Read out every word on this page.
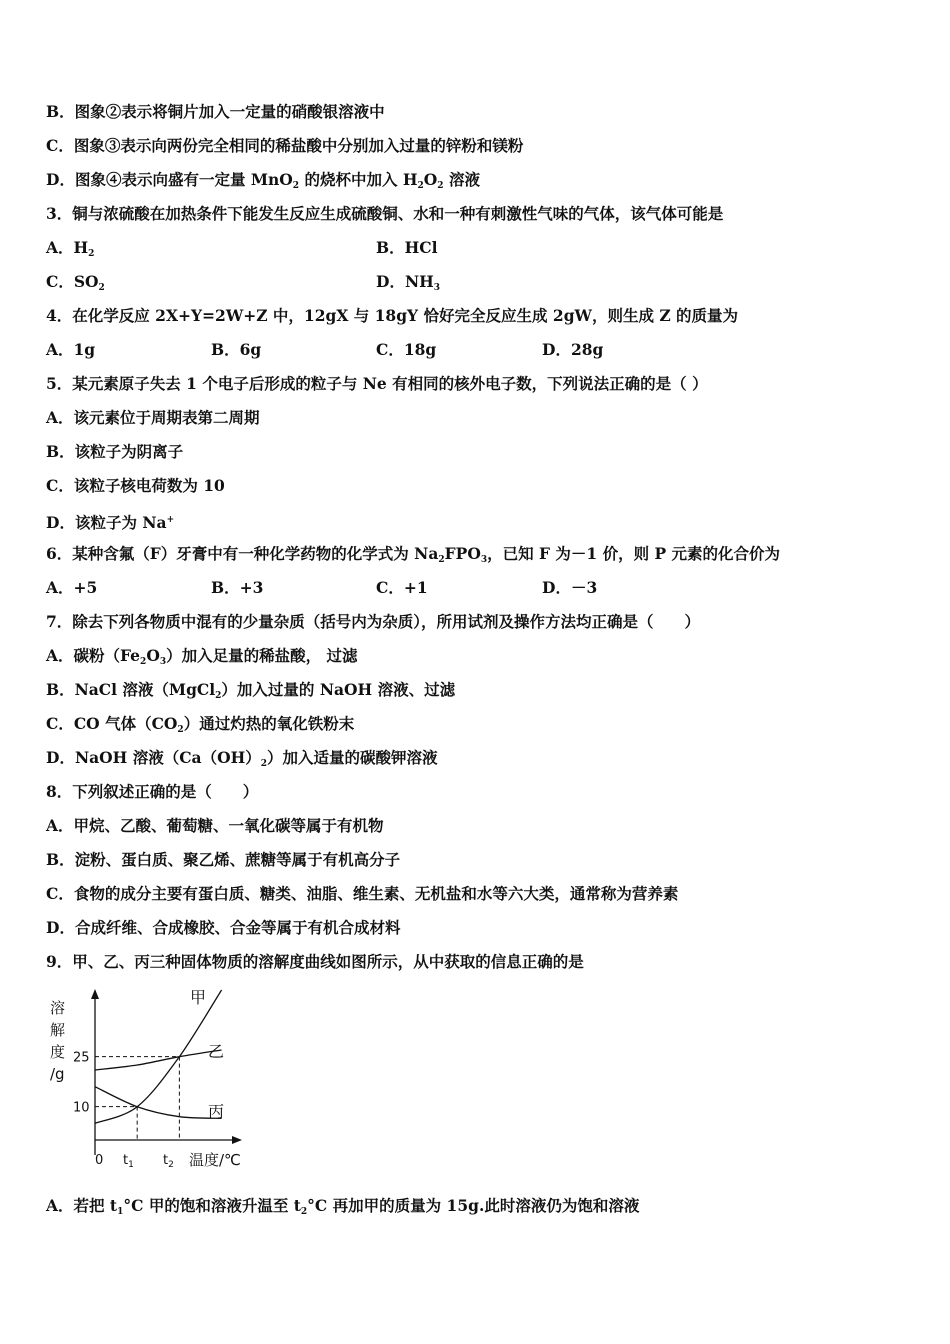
B．图象②表示将铜片加入一定量的硝酸银溶液中
C．图象③表示向两份完全相同的稀盐酸中分别加入过量的锌粉和镁粉
D．图象④表示向盛有一定量 MnO$_2$ 的烧杯中加入 $H_2O_2$ 溶液
3．铜与浓硫酸在加热条件下能发生反应生成硫酸铜、水和一种有刺激性气味的气体，该气体可能是
A．$H_2$	B．HCl
C．$SO_2$	D．$NH_3$
4．在化学反应 2X+Y=2W+Z 中，12gX 与 18gY 恰好完全反应生成 2gW，则生成 Z 的质量为
A．1g	B．6g	C．18g	D．28g
5．某元素原子失去 1 个电子后形成的粒子与 Ne 有相同的核外电子数，下列说法正确的是（ ）
A．该元素位于周期表第二周期
B．该粒子为阴离子
C．该粒子核电荷数为 10
D．该粒子为 Na+
6．某种含氟（F）牙膏中有一种化学药物的化学式为 $Na_2FPO_3$，已知 F 为－1 价，则 P 元素的化合价为
A．+5	B．+3	C．+1	D．－3
7．除去下列各物质中混有的少量杂质（括号内为杂质），所用试剂及操作方法均正确是（　　）
A．碳粉$(Fe_2O_3)$加入足量的稀盐酸， 过滤
B．NaCl 溶液（MgCl$_2$）加入过量的 NaOH 溶液、过滤
C．CO 气体$(CO_2)$通过灼热的氧化铁粉末
D．NaOH 溶液$(Ca(OH)_2)$加入适量的碳酸钾溶液
8．下列叙述正确的是（　　）
A．甲烷、乙酸、葡萄糖、一氧化碳等属于有机物
B．淀粉、蛋白质、聚乙烯、蔗糖等属于有机高分子
C．食物的成分主要有蛋白质、糖类、油脂、维生素、无机盐和水等六大类，通常称为营养素
D．合成纤维、合成橡胶、合金等属于有机合成材料
9．甲、乙、丙三种固体物质的溶解度曲线如图所示，从中获取的信息正确的是
溶
解
度
/g
25
10
0 $t_1$ $t_2$ 温度/℃
甲
乙
丙
A．若把 $t_1^\circ C$ 甲的饱和溶液升温至 $t_2^\circ C$ 再加甲的质量为 15g.此时溶液仍为饱和溶液
